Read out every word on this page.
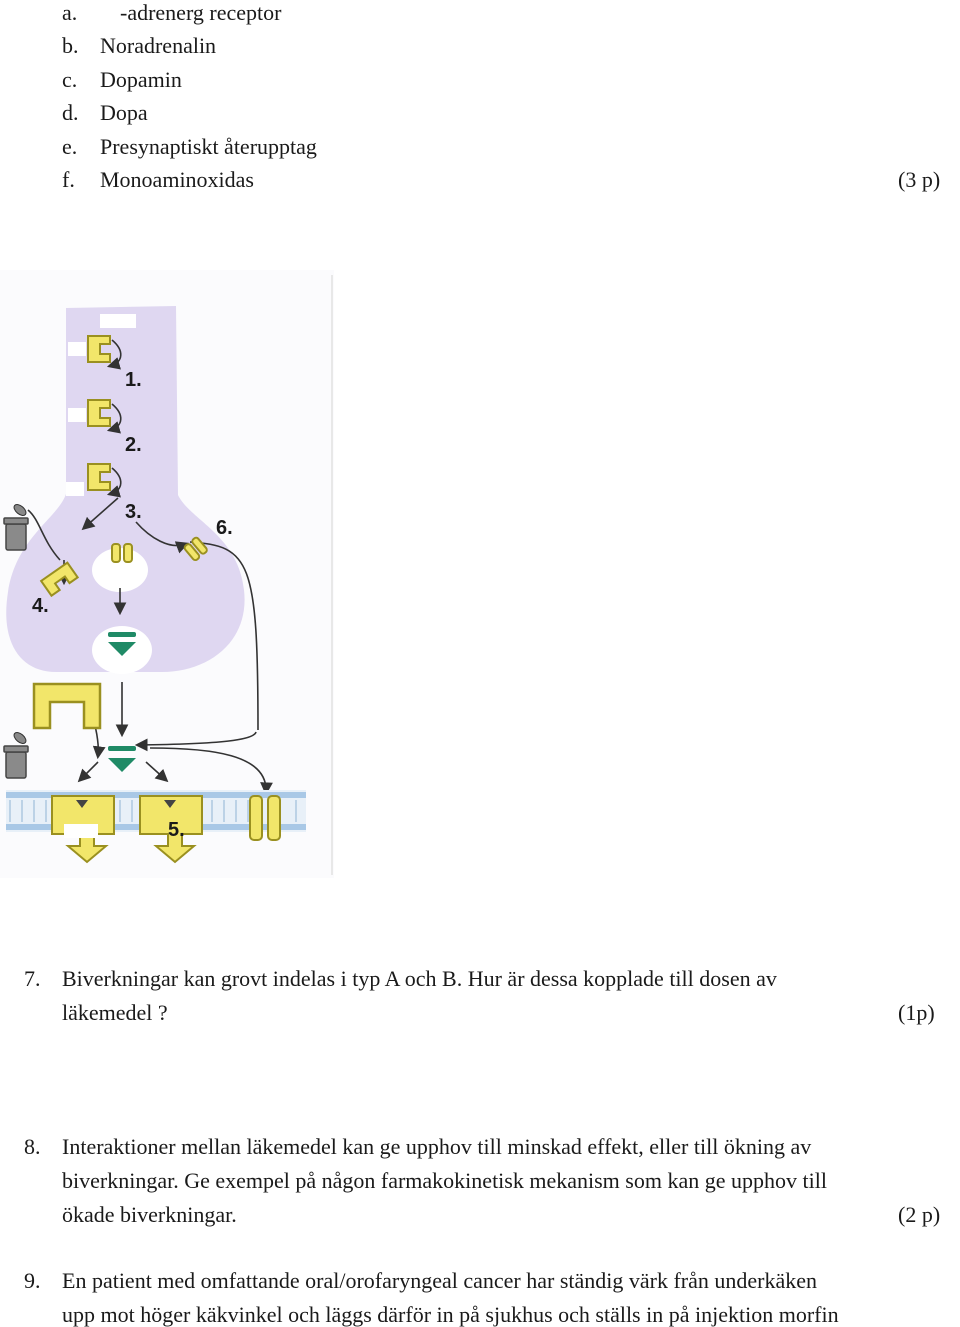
a. -adrenerg receptor
b. Noradrenalin
c. Dopamin
d. Dopa
e. Presynaptiskt återupptag
f. Monoaminoxidas	(3 p)
1.
2.
3.
6.
4.
5.
7. Biverkningar kan grovt indelas i typ A och B. Hur är dessa kopplade till dosen av
läkemedel ?	(1p)
8. Interaktioner mellan läkemedel kan ge upphov till minskad effekt, eller till ökning av
biverkningar. Ge exempel på någon farmakokinetisk mekanism som kan ge upphov till
ökade biverkningar.	(2 p)
9. En patient med omfattande oral/orofaryngeal cancer har ständig värk från underkäken
upp mot höger käkvinkel och läggs därför in på sjukhus och ställs in på injektion morfin
